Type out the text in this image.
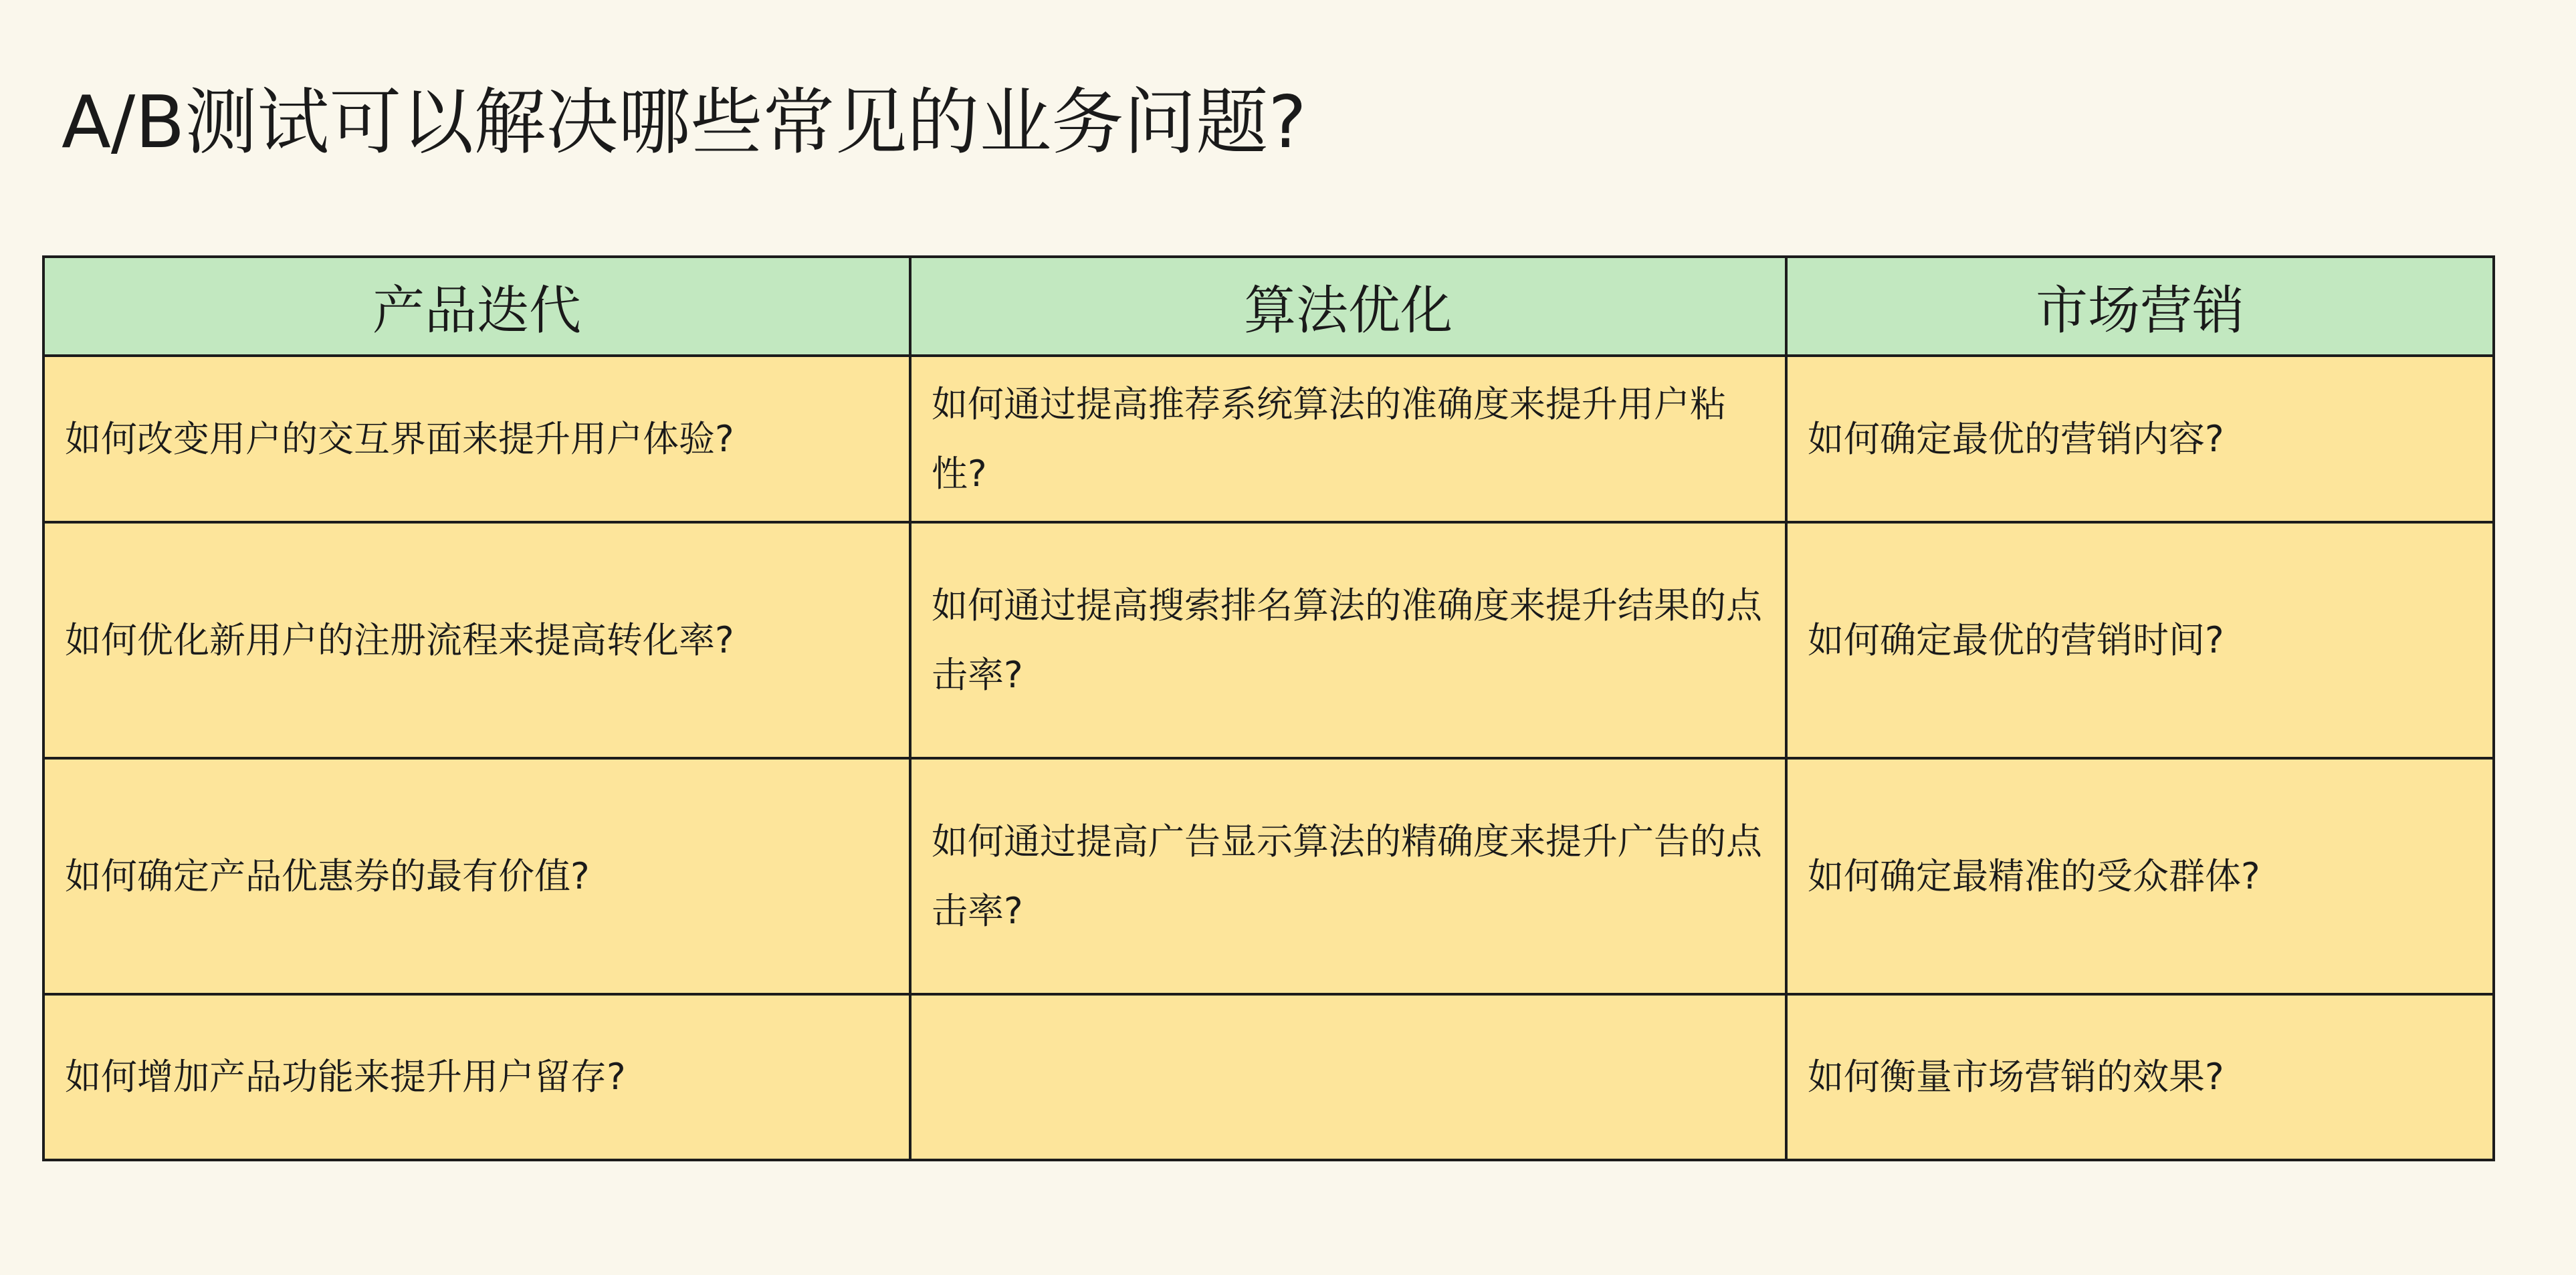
A/B测试可以解决哪些常见的业务问题?
产品迭代	算法优化	市场营销
如何改变用户的交互界面来提升用户体验?	如何通过提高推荐系统算法的准确度来提升用户粘性?	如何确定最优的营销内容?
如何优化新用户的注册流程来提高转化率?	如何通过提高搜索排名算法的准确度来提升结果的点击率?	如何确定最优的营销时间?
如何确定产品优惠券的最有价值?	如何通过提高广告显示算法的精确度来提升广告的点击率?	如何确定最精准的受众群体?
如何增加产品功能来提升用户留存?		如何衡量市场营销的效果?
